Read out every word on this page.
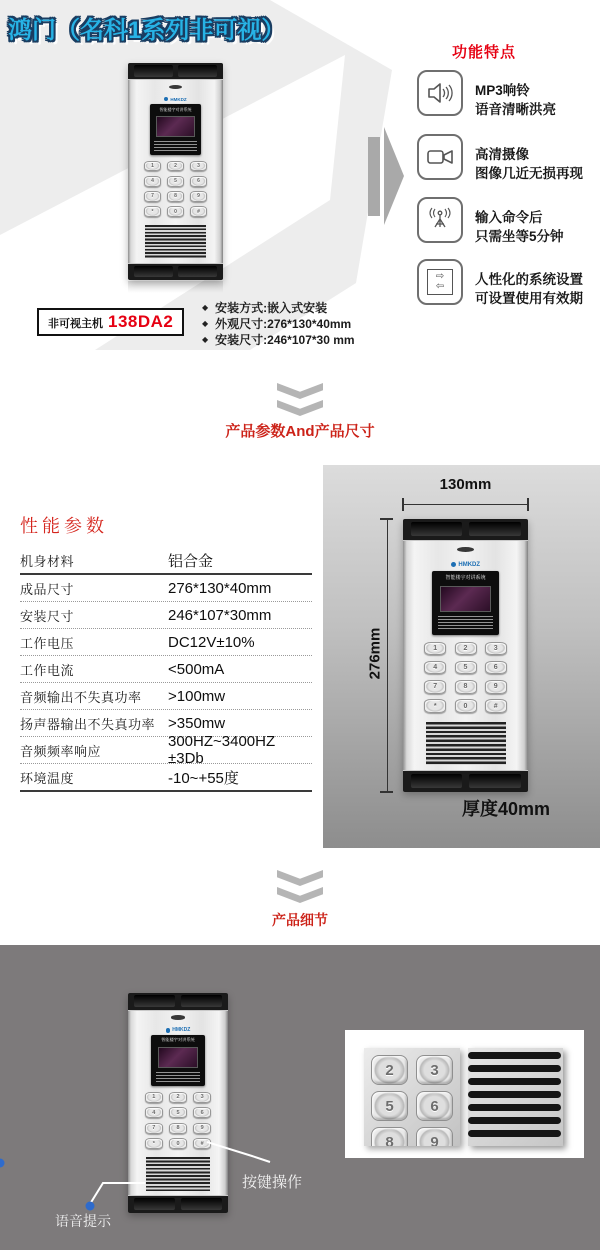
鸿门（名科1系列非可视）
HMKDZ
智能楼宇对讲系统
1	2	3
4	5	6
7	8	9
*	0	#
非可视主机 138DA2
◆ 安装方式:嵌入式安装
◆ 外观尺寸:276*130*40mm
◆ 安装尺寸:246*107*30 mm
功能特点
MP3响铃
语音清晰洪亮
高清摄像
图像几近无损再现
输入命令后
只需坐等5分钟
⇨
⇦ 人性化的系统设置
可设置使用有效期
产品参数And产品尺寸
性能参数
机身材料	铝合金
成品尺寸	276*130*40mm
安装尺寸	246*107*30mm
工作电压	DC12V±10%
工作电流	<500mA
音频输出不失真功率 >100mw
扬声器输出不失真功率 >350mw
音频频率响应
300HZ~3400HZ ±3Db
环境温度	-10~+55度
HMKDZ
智能楼宇对讲系统
1	2	3
4	5	6
7	8	9
*	0	#
130mm
276mm
厚度40mm
产品细节
HMKDZ
智能楼宇对讲系统
1	2	3
4	5	6
7	8	9
*	0	#
语音提示
按键操作
2 3
5 6
8 9
